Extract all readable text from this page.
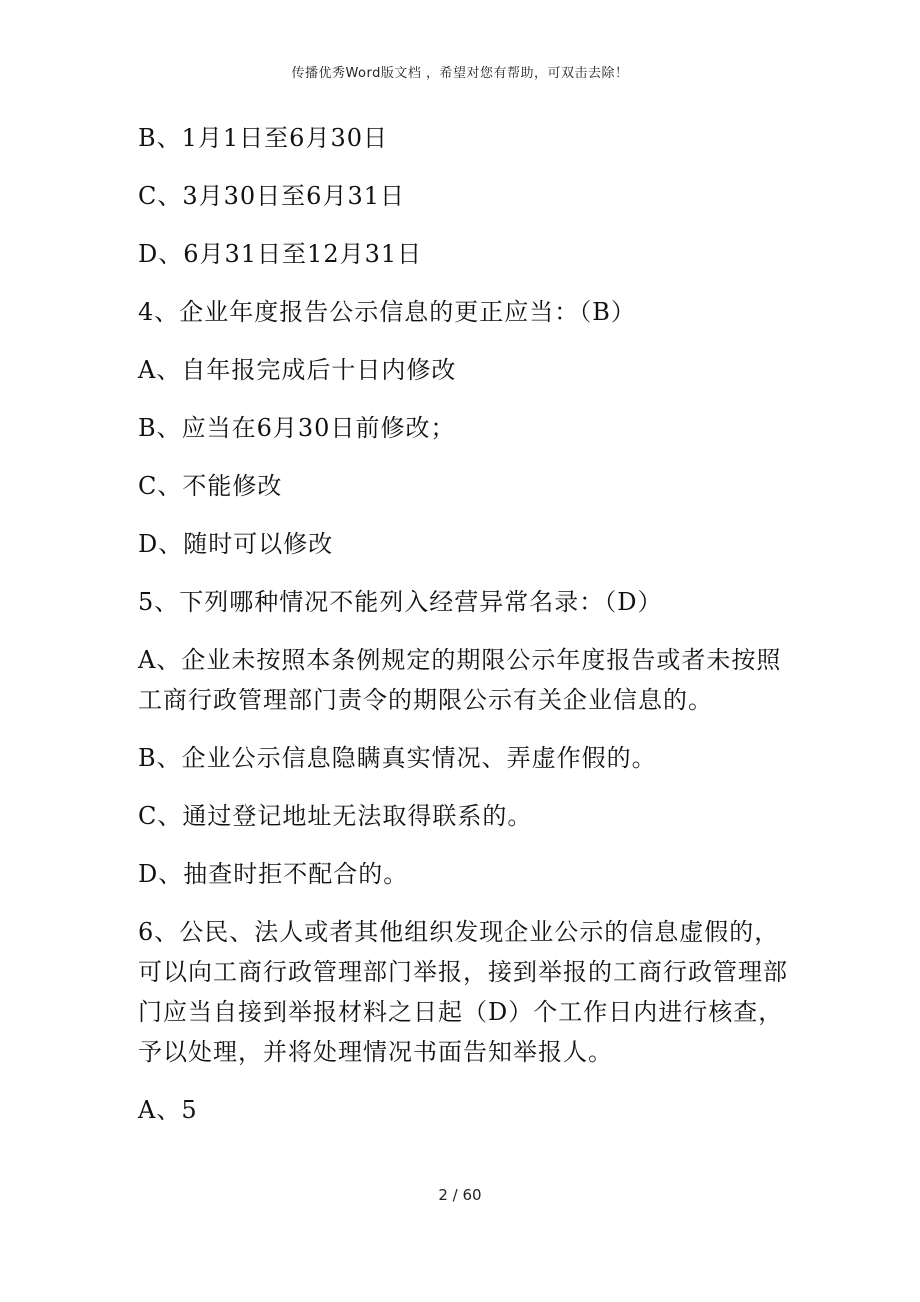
传播优秀Word版文档 ，希望对您有帮助，可双击去除！
B、1月1日至6月30日
C、3月30日至6月31日
D、6月31日至12月31日
4、企业年度报告公示信息的更正应当：（B）
A、自年报完成后十日内修改
B、应当在6月30日前修改；
C、不能修改
D、随时可以修改
5、下列哪种情况不能列入经营异常名录：（D）
A、企业未按照本条例规定的期限公示年度报告或者未按照
工商行政管理部门责令的期限公示有关企业信息的。
B、企业公示信息隐瞒真实情况、弄虚作假的。
C、通过登记地址无法取得联系的。
D、抽查时拒不配合的。
6、公民、法人或者其他组织发现企业公示的信息虚假的，
可以向工商行政管理部门举报，接到举报的工商行政管理部
门应当自接到举报材料之日起（D）个工作日内进行核查，
予以处理，并将处理情况书面告知举报人。
A、5
2 / 60
